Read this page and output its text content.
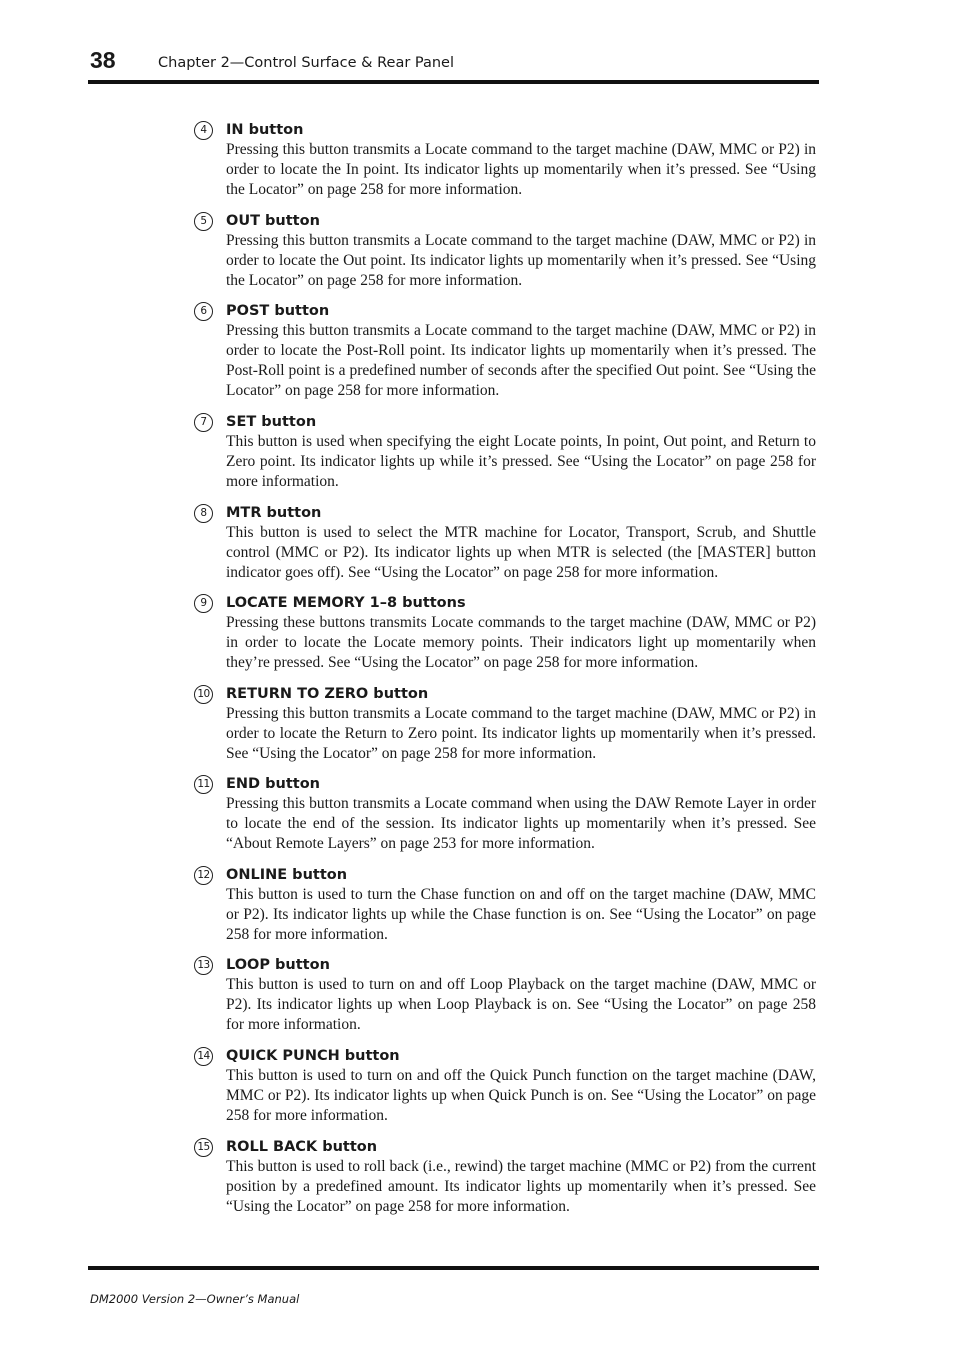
38	Chapter 2—Control Surface & Rear Panel
4	IN button

Pressing this button transmits a Locate command to the target machine (DAW, MMC or P2) in order to locate the In point. Its indicator lights up momentarily when it’s pressed. See “Using the Locator” on page 258 for more information.

5	OUT button

Pressing this button transmits a Locate command to the target machine (DAW, MMC or P2) in order to locate the Out point. Its indicator lights up momentarily when it’s pressed. See “Using the Locator” on page 258 for more information.

6	POST button

Pressing this button transmits a Locate command to the target machine (DAW, MMC or P2) in order to locate the Post-Roll point. Its indicator lights up momentarily when it’s pressed. The Post-Roll point is a predefined number of seconds after the specified Out point. See “Using the Locator” on page 258 for more information.

7	SET button

This button is used when specifying the eight Locate points, In point, Out point, and Return to Zero point. Its indicator lights up while it’s pressed. See “Using the Locator” on page 258 for more information.

8	MTR button

This button is used to select the MTR machine for Locator, Transport, Scrub, and Shuttle control (MMC or P2). Its indicator lights up when MTR is selected (the [MASTER] button indicator goes off). See “Using the Locator” on page 258 for more information.

9	LOCATE MEMORY 1–8 buttons

Pressing these buttons transmits Locate commands to the target machine (DAW, MMC or P2) in order to locate the Locate memory points. Their indicators light up momentarily when they’re pressed. See “Using the Locator” on page 258 for more information.

10 RETURN TO ZERO button

Pressing this button transmits a Locate command to the target machine (DAW, MMC or P2) in order to locate the Return to Zero point. Its indicator lights up momentarily when it’s pressed. See “Using the Locator” on page 258 for more information.

11 END button

Pressing this button transmits a Locate command when using the DAW Remote Layer in order to locate the end of the session. Its indicator lights up momentarily when it’s pressed. See “About Remote Layers” on page 253 for more information.

12 ONLINE button

This button is used to turn the Chase function on and off on the target machine (DAW, MMC or P2). Its indicator lights up while the Chase function is on. See “Using the Locator” on page 258 for more information.

13 LOOP button

This button is used to turn on and off Loop Playback on the target machine (DAW, MMC or P2). Its indicator lights up when Loop Playback is on. See “Using the Locator” on page 258 for more information.

14 QUICK PUNCH button

This button is used to turn on and off the Quick Punch function on the target machine (DAW, MMC or P2). Its indicator lights up when Quick Punch is on. See “Using the Locator” on page 258 for more information.

15 ROLL BACK button

This button is used to roll back (i.e., rewind) the target machine (MMC or P2) from the current position by a predefined amount. Its indicator lights up momentarily when it’s pressed. See “Using the Locator” on page 258 for more information.

DM2000 Version 2—Owner’s Manual
